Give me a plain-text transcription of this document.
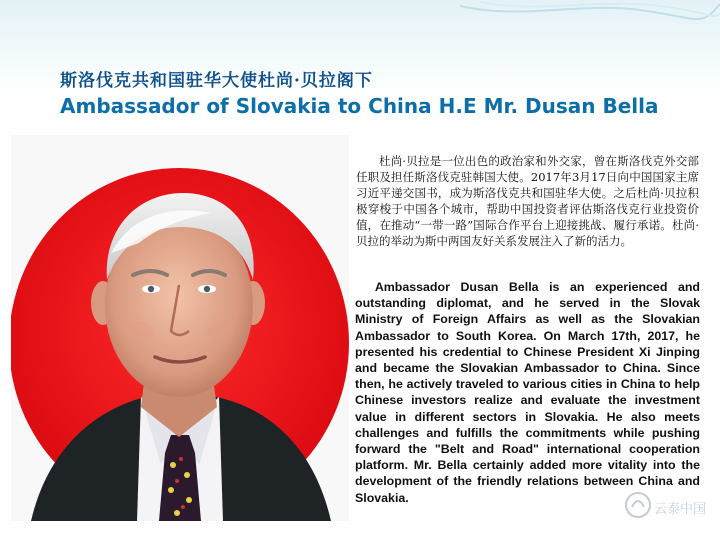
斯洛伐克共和国驻华大使杜尚·贝拉阁下
Ambassador of Slovakia to China H.E Mr. Dusan Bella

杜尚·贝拉是一位出色的政治家和外交家，曾在斯洛伐克外交部任职及担任斯洛伐克驻韩国大使。2017年3月17日向中国国家主席习近平递交国书，成为斯洛伐克共和国驻华大使。之后杜尚·贝拉积极穿梭于中国各个城市，帮助中国投资者评估斯洛伐克行业投资价值，在推动“一带一路”国际合作平台上迎接挑战、履行承诺。杜尚·贝拉的举动为斯中两国友好关系发展注入了新的活力。

Ambassador Dusan Bella is an experienced and outstanding diplomat, and he served in the Slovak Ministry of Foreign Affairs as well as the Slovakian Ambassador to South Korea. On March 17th, 2017, he presented his credential to Chinese President Xi Jinping and became the Slovakian Ambassador to China. Since then, he actively traveled to various cities in China to help Chinese investors realize and evaluate the investment value in different sectors in Slovakia. He also meets challenges and fulfills the commitments while pushing forward the "Belt and Road" international cooperation platform. Mr. Bella certainly added more vitality into the development of the friendly relations between China and Slovakia.

云泰中国
